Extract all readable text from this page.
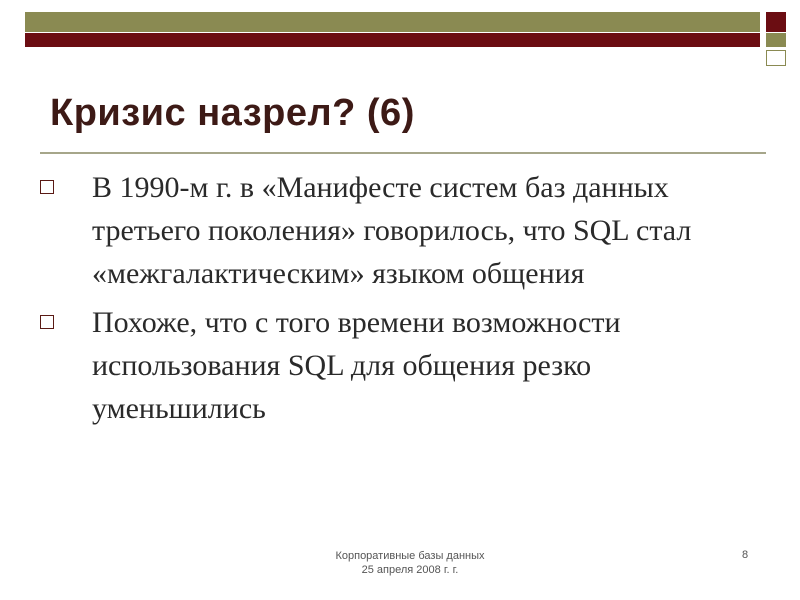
Кризис назрел? (6)
В 1990-м г. в «Манифесте систем баз данных третьего поколения» говорилось, что SQL стал «межгалактическим» языком общения
Похоже, что с того времени возможности использования SQL для общения резко уменьшились
Корпоративные базы данных
25 апреля 2008 г. г.
8
